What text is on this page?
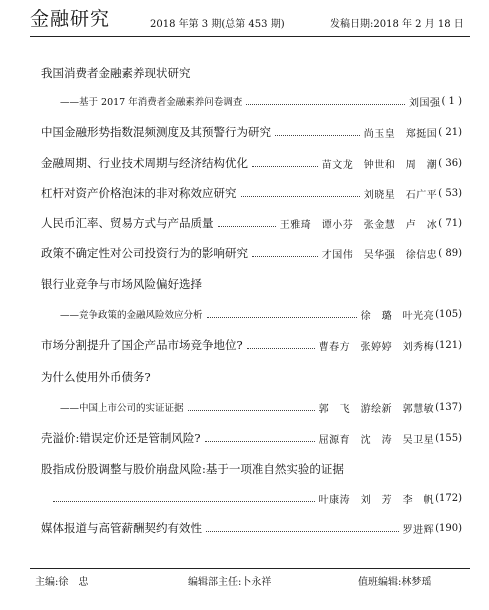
金融研究	2018 年第 3 期(总第 453 期)	发稿日期:2018 年 2 月 18 日
我国消费者金融素养现状研究
——基于 2017 年消费者金融素养问卷调查	刘国强 ( 1 )
中国金融形势指数混频测度及其预警行为研究	尚玉皇　郑挺国 ( 21)
金融周期、行业技术周期与经济结构优化	苗文龙　钟世和　周　潮 ( 36)
杠杆对资产价格泡沫的非对称效应研究	刘晓星　石广平 ( 53)
人民币汇率、贸易方式与产品质量	王雅琦　谭小芬　张金慧　卢　冰 ( 71)
政策不确定性对公司投资行为的影响研究	才国伟　吴华强　徐信忠 ( 89)
银行业竞争与市场风险偏好选择
——竞争政策的金融风险效应分析	徐　璐　叶光亮 (105)
市场分割提升了国企产品市场竞争地位?	曹春方　张婷婷　刘秀梅 (121)
为什么使用外币债务?
——中国上市公司的实证证据	郭　飞　游绘新　郭慧敏 (137)
壳溢价:错误定价还是管制风险?	屈源育　沈　涛　吴卫星 (155)
股指成份股调整与股价崩盘风险:基于一项准自然实验的证据
叶康涛　刘　芳　李　帆 (172)
媒体报道与高管薪酬契约有效性	罗进辉 (190)
主编:徐　忠	编辑部主任:卜永祥	值班编辑:林梦瑶
